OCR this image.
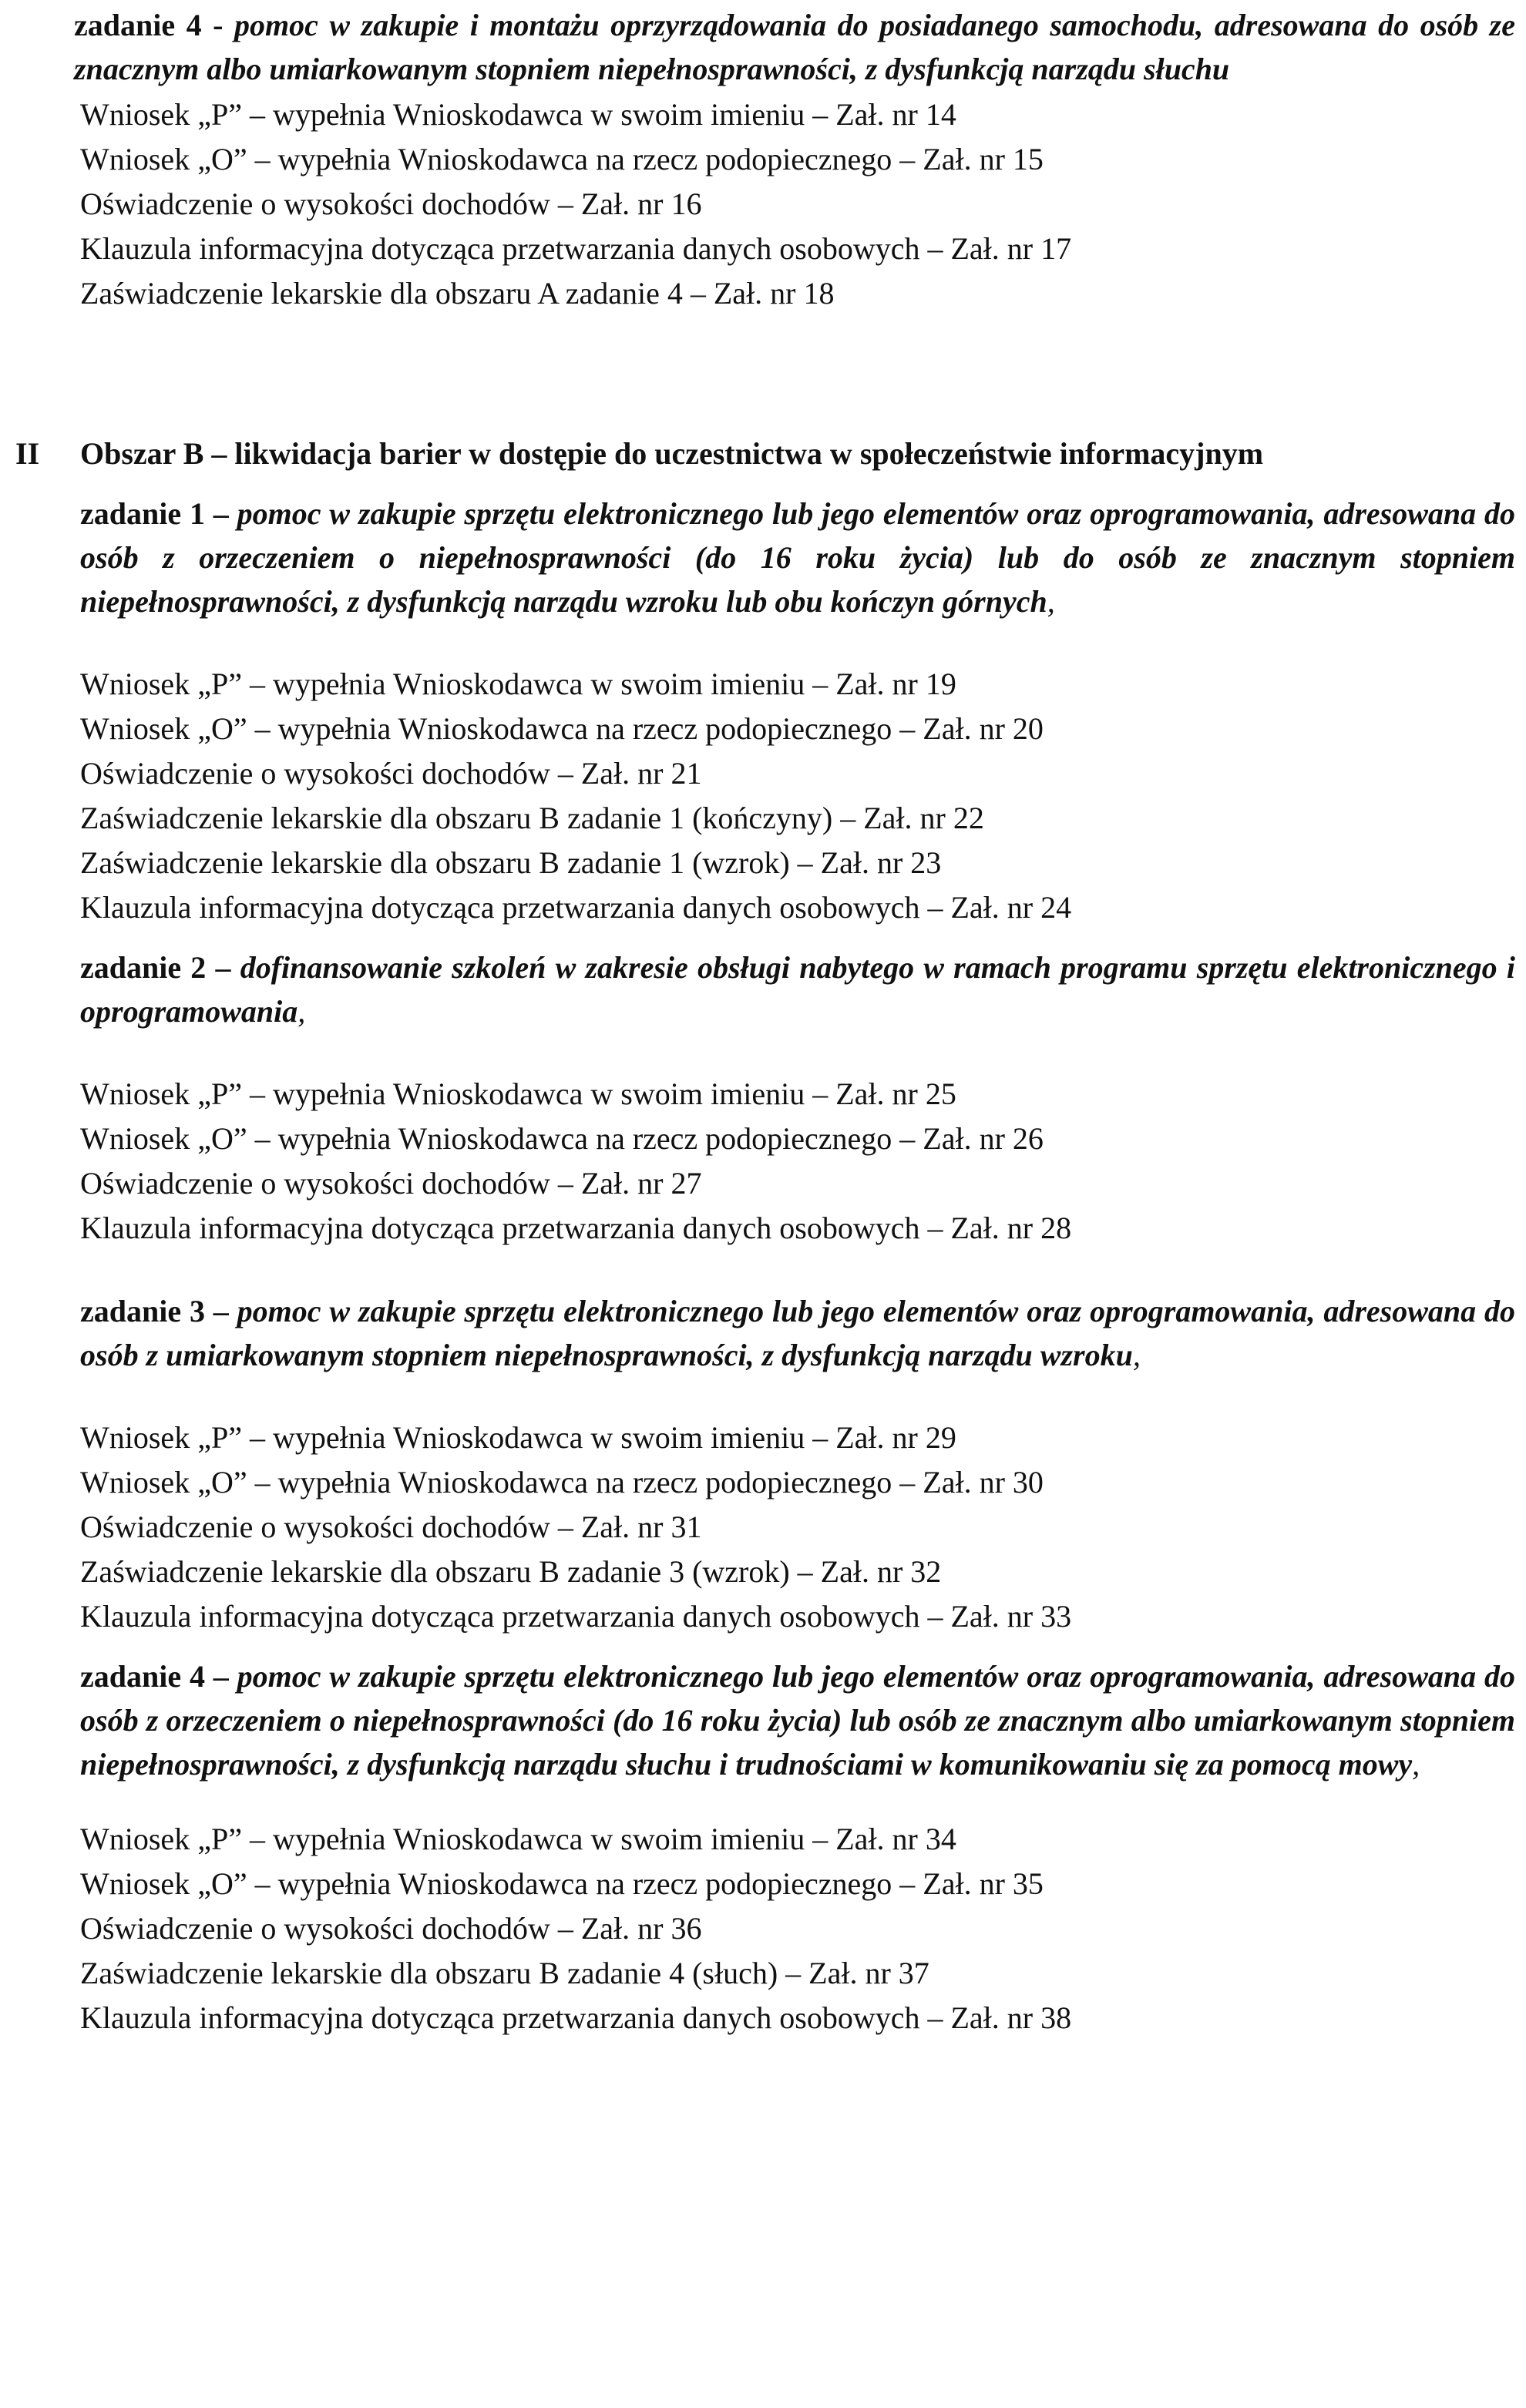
zadanie 4 - pomoc w zakupie i montażu oprzyrządowania do posiadanego samochodu, adresowana do osób ze znacznym albo umiarkowanym stopniem niepełnosprawności, z dysfunkcją narządu słuchu

Wniosek „P” – wypełnia Wnioskodawca w swoim imieniu – Zał. nr 14
Wniosek „O” – wypełnia Wnioskodawca na rzecz podopiecznego – Zał. nr 15
Oświadczenie o wysokości dochodów – Zał. nr 16
Klauzula informacyjna dotycząca przetwarzania danych osobowych – Zał. nr 17
Zaświadczenie lekarskie dla obszaru A zadanie 4 – Zał. nr 18
II Obszar B – likwidacja barier w dostępie do uczestnictwa w społeczeństwie informacyjnym

zadanie 1 – pomoc w zakupie sprzętu elektronicznego lub jego elementów oraz oprogramowania, adresowana do osób z orzeczeniem o niepełnosprawności (do 16 roku życia) lub do osób ze znacznym stopniem niepełnosprawności, z dysfunkcją narządu wzroku lub obu kończyn górnych,

Wniosek „P” – wypełnia Wnioskodawca w swoim imieniu – Zał. nr 19
Wniosek „O” – wypełnia Wnioskodawca na rzecz podopiecznego – Zał. nr 20
Oświadczenie o wysokości dochodów – Zał. nr 21
Zaświadczenie lekarskie dla obszaru B zadanie 1 (kończyny) – Zał. nr 22
Zaświadczenie lekarskie dla obszaru B zadanie 1 (wzrok) – Zał. nr 23
Klauzula informacyjna dotycząca przetwarzania danych osobowych – Zał. nr 24

zadanie 2 – dofinansowanie szkoleń w zakresie obsługi nabytego w ramach programu sprzętu elektronicznego i oprogramowania,

Wniosek „P” – wypełnia Wnioskodawca w swoim imieniu – Zał. nr 25
Wniosek „O” – wypełnia Wnioskodawca na rzecz podopiecznego – Zał. nr 26
Oświadczenie o wysokości dochodów – Zał. nr 27
Klauzula informacyjna dotycząca przetwarzania danych osobowych – Zał. nr 28

zadanie 3 – pomoc w zakupie sprzętu elektronicznego lub jego elementów oraz oprogramowania, adresowana do osób z umiarkowanym stopniem niepełnosprawności, z dysfunkcją narządu wzroku,

Wniosek „P” – wypełnia Wnioskodawca w swoim imieniu – Zał. nr 29
Wniosek „O” – wypełnia Wnioskodawca na rzecz podopiecznego – Zał. nr 30
Oświadczenie o wysokości dochodów – Zał. nr 31
Zaświadczenie lekarskie dla obszaru B zadanie 3 (wzrok) – Zał. nr 32
Klauzula informacyjna dotycząca przetwarzania danych osobowych – Zał. nr 33

zadanie 4 – pomoc w zakupie sprzętu elektronicznego lub jego elementów oraz oprogramowania, adresowana do osób z orzeczeniem o niepełnosprawności (do 16 roku życia) lub osób ze znacznym albo umiarkowanym stopniem niepełnosprawności, z dysfunkcją narządu słuchu i trudnościami w komunikowaniu się za pomocą mowy,

Wniosek „P” – wypełnia Wnioskodawca w swoim imieniu – Zał. nr 34
Wniosek „O” – wypełnia Wnioskodawca na rzecz podopiecznego – Zał. nr 35
Oświadczenie o wysokości dochodów – Zał. nr 36
Zaświadczenie lekarskie dla obszaru B zadanie 4 (słuch) – Zał. nr 37
Klauzula informacyjna dotycząca przetwarzania danych osobowych – Zał. nr 38
